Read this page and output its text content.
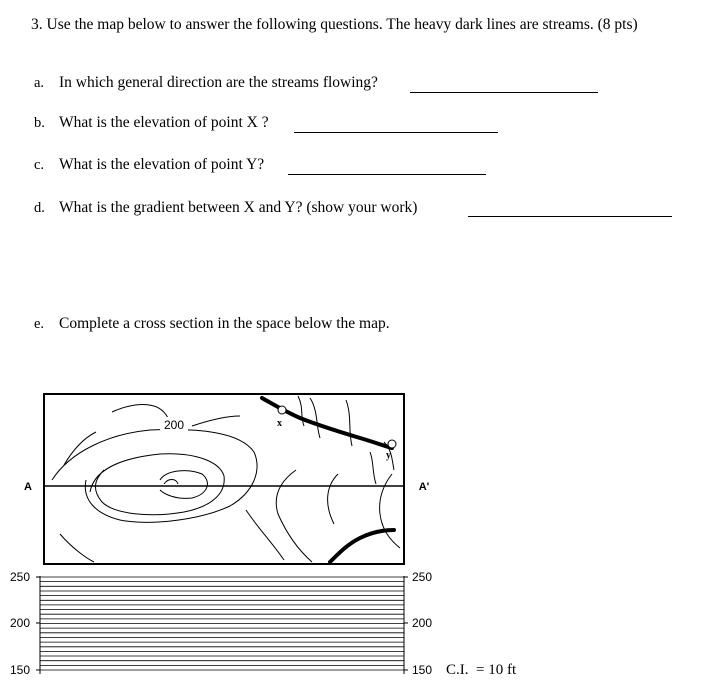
3. Use the map below to answer the following questions. The heavy dark lines are streams. (8 pts)
a. In which general direction are the streams flowing?
b. What is the elevation of point X ?
c. What is the elevation of point Y?
d. What is the gradient between X and Y? (show your work)
e. Complete a cross section in the space below the map.
200	x
y
A	A'
250
200
150
250
200
150 C.I.  = 10 ft
